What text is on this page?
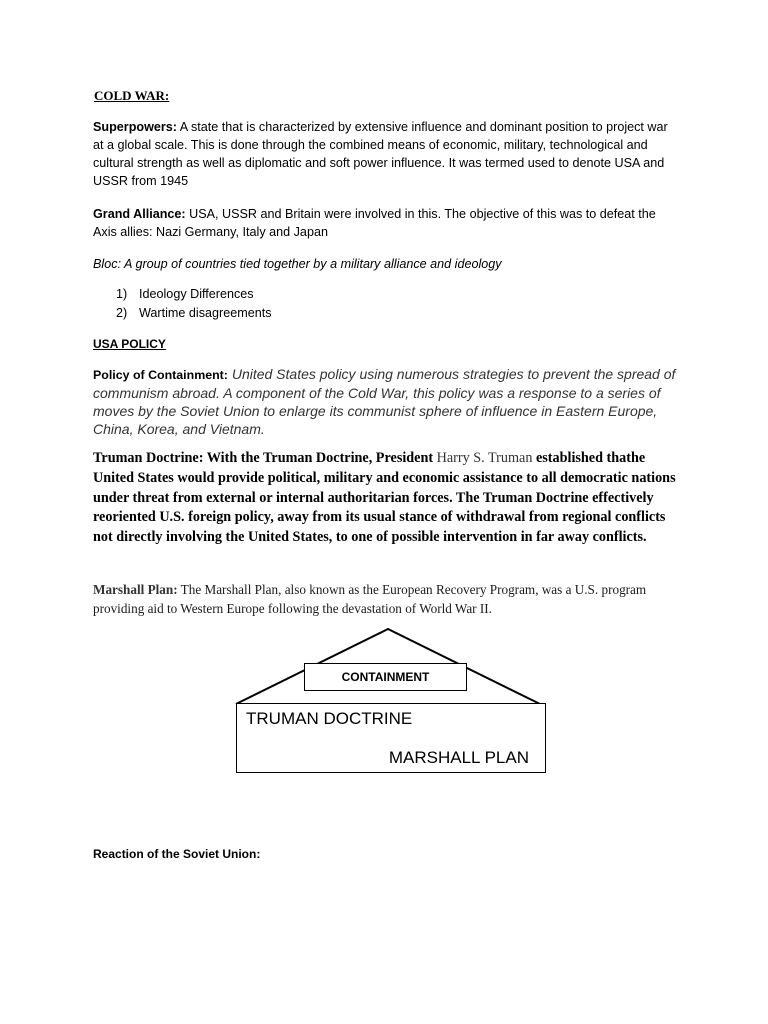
COLD WAR:

Superpowers: A state that is characterized by extensive influence and dominant position to project war at a global scale. This is done through the combined means of economic, military, technological and cultural strength as well as diplomatic and soft power influence. It was termed used to denote USA and USSR from 1945

Grand Alliance: USA, USSR and Britain were involved in this. The objective of this was to defeat the Axis allies: Nazi Germany, Italy and Japan

Bloc: A group of countries tied together by a military alliance and ideology

1) Ideology Differences
2) Wartime disagreements

USA POLICY

Policy of Containment: United States policy using numerous strategies to prevent the spread of communism abroad. A component of the Cold War, this policy was a response to a series of moves by the Soviet Union to enlarge its communist sphere of influence in Eastern Europe, China, Korea, and Vietnam.

Truman Doctrine: With the Truman Doctrine, President Harry S. Truman established thathe United States would provide political, military and economic assistance to all democratic nations under threat from external or internal authoritarian forces. The Truman Doctrine effectively reoriented U.S. foreign policy, away from its usual stance of withdrawal from regional conflicts not directly involving the United States, to one of possible intervention in far away conflicts.

Marshall Plan: The Marshall Plan, also known as the European Recovery Program, was a U.S. program providing aid to Western Europe following the devastation of World War II.

CONTAINMENT
TRUMAN DOCTRINE
MARSHALL PLAN

Reaction of the Soviet Union:
